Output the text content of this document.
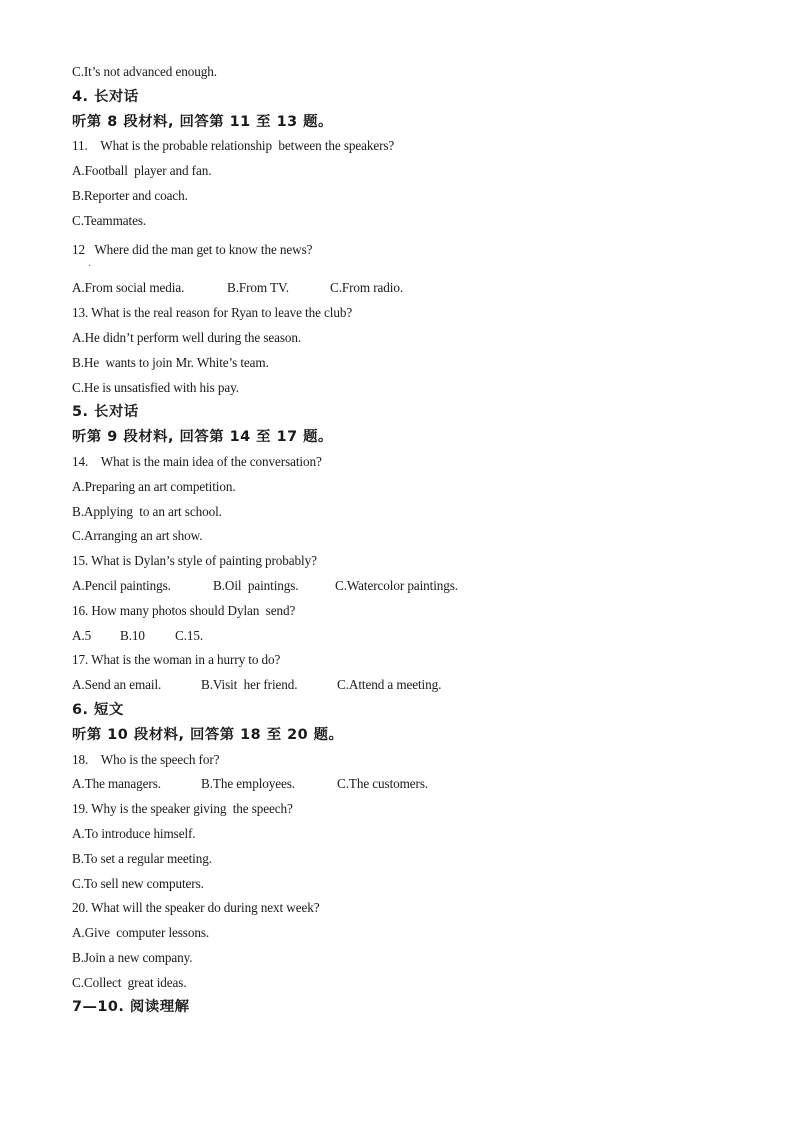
C.It’s not advanced enough.
4. 长对话
听第 8 段材料, 回答第 11 至 13 题。
11.    What is the probable relationship  between the speakers?
A.Football  player and fan.
B.Reporter and coach.
C.Teammates.
12   Where did the man get to know the news?
·
A.From social media.	B.From TV.	C.From radio.
13. What is the real reason for Ryan to leave the club?
A.He didn’t perform well during the season.
B.He  wants to join Mr. White’s team.
C.He is unsatisfied with his pay.
5. 长对话
听第 9 段材料, 回答第 14 至 17 题。
14.    What is the main idea of the conversation?
A.Preparing an art competition.
B.Applying  to an art school.
C.Arranging an art show.
15. What is Dylan’s style of painting probably?
A.Pencil paintings.	B.Oil  paintings.	C.Watercolor paintings.
16. How many photos should Dylan  send?
A.5	B.10	C.15.
17. What is the woman in a hurry to do?
A.Send an email.	B.Visit  her friend.	C.Attend a meeting.
6. 短文
听第 10 段材料, 回答第 18 至 20 题。
18.    Who is the speech for?
A.The managers.	B.The employees.	C.The customers.
19. Why is the speaker giving  the speech?
A.To introduce himself.
B.To set a regular meeting.
C.To sell new computers.
20. What will the speaker do during next week?
A.Give  computer lessons.
B.Join a new company.
C.Collect  great ideas.
7—10. 阅读理解
